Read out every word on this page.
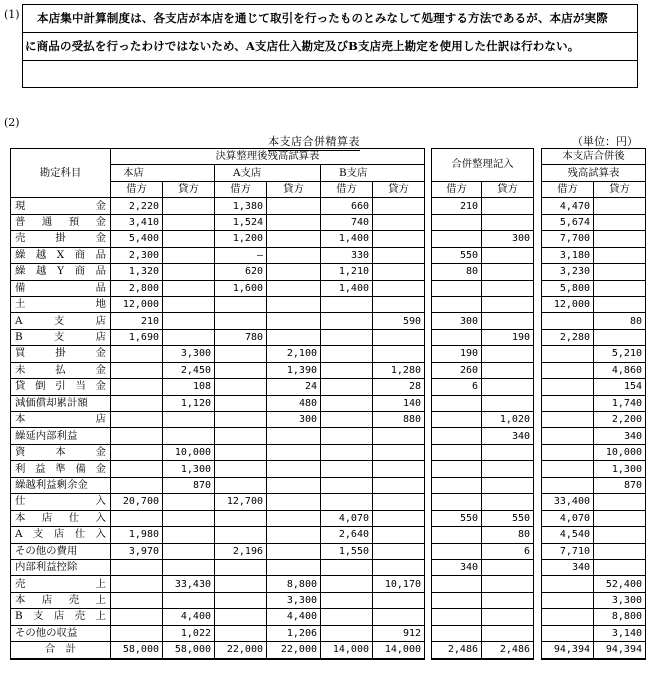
(1)	本店集中計算制度は、各支店が本店を通じて取引を行ったものとみなして処理する方法であるが、本店が実際
に商品の受払を行ったわけではないため、A支店仕入勘定及びB支店売上勘定を使用した仕訳は行わない。
(2)
本支店合併精算表	（単位：円）
勘定科目	決算整理後残高試算表							合併整理記入			本支店合併後	
	本店		A支店		B支店						残高試算表	
	借方	貸方	借方	貸方	借方	貸方		借方	貸方		借方	貸方
現　　金	2,220		1,380		660			210			4,470	
普通預金	3,410		1,524		740						5,674	
売　掛　金	5,400		1,200		1,400				300		7,700	
繰越X商品	2,300		—		330			550			3,180	
繰越Y商品	1,320		620		1,210			80			3,230	
備　　品	2,800		1,600		1,400						5,800	
土　　地	12,000										12,000	
A　支　店	210					590		300				80
B　支　店	1,690		780						190		2,280	
買　掛　金		3,300		2,100				190				5,210
未　払　金		2,450		1,390		1,280		260				4,860
貸倒引当金		108		24		28		6				154
減価償却累計額		1,120		480		140						1,740
本　　店				300		880			1,020			2,200
繰延内部利益									340			340
資　本　金		10,000										10,000
利益準備金		1,300										1,300
繰越利益剰余金		870										870
仕　　入	20,700		12,700								33,400	
本店仕入					4,070			550	550		4,070	
A支店仕入	1,980				2,640				80		4,540	
その他の費用	3,970		2,196		1,550				6		7,710	
内部利益控除								340			340	
売　　上		33,430		8,800		10,170						52,400
本店売上				3,300								3,300
B支店売上		4,400		4,400								8,800
その他の収益		1,022		1,206		912						3,140
合　計	58,000	58,000	22,000	22,000	14,000	14,000		2,486	2,486		94,394	94,394
